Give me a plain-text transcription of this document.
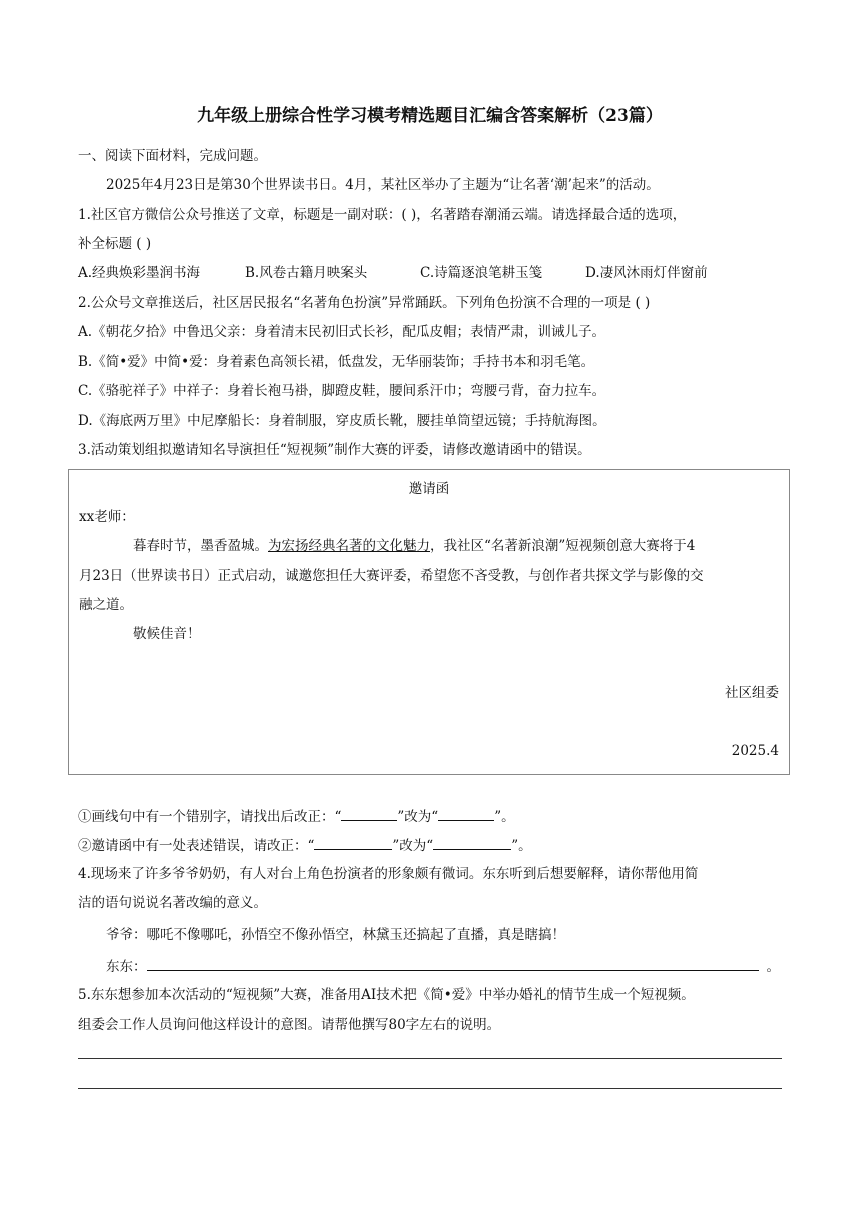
九年级上册综合性学习模考精选题目汇编含答案解析（23篇）
一、阅读下面材料，完成问题。
2025年4月23日是第30个世界读书日。4月，某社区举办了主题为“让名著‘潮’起来”的活动。
1.社区官方微信公众号推送了文章，标题是一副对联：( )，名著踏春潮涌云端。请选择最合适的选项，
补全标题 ( )
A.经典焕彩墨润书海	B.风卷古籍月映案头	C.诗篇逐浪笔耕玉笺	D.凄风沐雨灯伴窗前
2.公众号文章推送后，社区居民报名“名著角色扮演”异常踊跃。下列角色扮演不合理的一项是 ( )
A.《朝花夕拾》中鲁迅父亲：身着清末民初旧式长衫，配瓜皮帽；表情严肃，训诫儿子。
B.《简•爱》中简•爱：身着素色高领长裙，低盘发，无华丽装饰；手持书本和羽毛笔。
C.《骆驼祥子》中祥子：身着长袍马褂，脚蹬皮鞋，腰间系汗巾；弯腰弓背，奋力拉车。
D.《海底两万里》中尼摩船长：身着制服，穿皮质长靴，腰挂单筒望远镜；手持航海图。
3.活动策划组拟邀请知名导演担任“短视频”制作大赛的评委，请修改邀请函中的错误。
邀请函
xx老师：
暮春时节，墨香盈城。为宏扬经典名著的文化魅力，我社区“名著新浪潮”短视频创意大赛将于4
月23日（世界读书日）正式启动，诚邀您担任大赛评委，希望您不吝受教，与创作者共探文学与影像的交
融之道。
敬候佳音！
社区组委
2025.4
①画线句中有一个错别字，请找出后改正：“	”改为“	”。
②邀请函中有一处表述错误，请改正：“	”改为“	”。
4.现场来了许多爷爷奶奶，有人对台上角色扮演者的形象颇有微词。东东听到后想要解释，请你帮他用简
洁的语句说说名著改编的意义。
爷爷：哪吒不像哪吒，孙悟空不像孙悟空，林黛玉还搞起了直播，真是瞎搞！
东东：	。
5.东东想参加本次活动的“短视频”大赛，准备用AI技术把《简•爱》中举办婚礼的情节生成一个短视频。
组委会工作人员询问他这样设计的意图。请帮他撰写80字左右的说明。
